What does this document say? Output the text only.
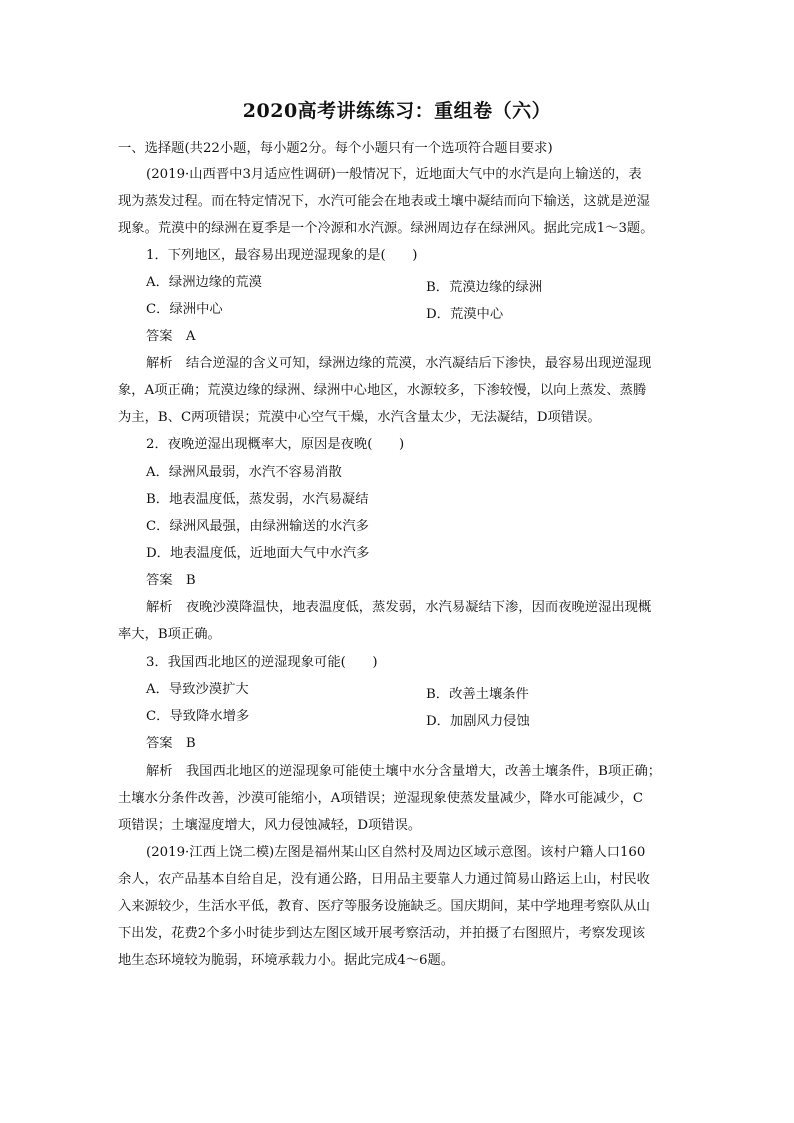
2020高考讲练练习：重组卷（六）
一、选择题(共22小题，每小题2分。每个小题只有一个选项符合题目要求)
(2019·山西晋中3月适应性调研)一般情况下，近地面大气中的水汽是向上输送的，表
现为蒸发过程。而在特定情况下，水汽可能会在地表或土壤中凝结而向下输送，这就是逆湿
现象。荒漠中的绿洲在夏季是一个冷源和水汽源。绿洲周边存在绿洲风。据此完成1～3题。
1．下列地区，最容易出现逆湿现象的是(　　)
A．绿洲边缘的荒漠	B．荒漠边缘的绿洲
C．绿洲中心	D．荒漠中心
答案　A
解析　结合逆湿的含义可知，绿洲边缘的荒漠，水汽凝结后下渗快，最容易出现逆湿现
象，A项正确；荒漠边缘的绿洲、绿洲中心地区，水源较多，下渗较慢，以向上蒸发、蒸腾
为主，B、C两项错误；荒漠中心空气干燥，水汽含量太少，无法凝结，D项错误。
2．夜晚逆湿出现概率大，原因是夜晚(　　)
A．绿洲风最弱，水汽不容易消散
B．地表温度低，蒸发弱，水汽易凝结
C．绿洲风最强，由绿洲输送的水汽多
D．地表温度低，近地面大气中水汽多
答案　B
解析　夜晚沙漠降温快，地表温度低，蒸发弱，水汽易凝结下渗，因而夜晚逆湿出现概
率大，B项正确。
3．我国西北地区的逆湿现象可能(　　)
A．导致沙漠扩大	B．改善土壤条件
C．导致降水增多	D．加剧风力侵蚀
答案　B
解析　我国西北地区的逆湿现象可能使土壤中水分含量增大，改善土壤条件，B项正确；
土壤水分条件改善，沙漠可能缩小，A项错误；逆湿现象使蒸发量减少，降水可能减少，C
项错误；土壤湿度增大，风力侵蚀减轻，D项错误。
(2019·江西上饶二模)左图是福州某山区自然村及周边区域示意图。该村户籍人口160
余人，农产品基本自给自足，没有通公路，日用品主要靠人力通过简易山路运上山，村民收
入来源较少，生活水平低，教育、医疗等服务设施缺乏。国庆期间，某中学地理考察队从山
下出发，花费2个多小时徒步到达左图区域开展考察活动，并拍摄了右图照片，考察发现该
地生态环境较为脆弱，环境承载力小。据此完成4～6题。
